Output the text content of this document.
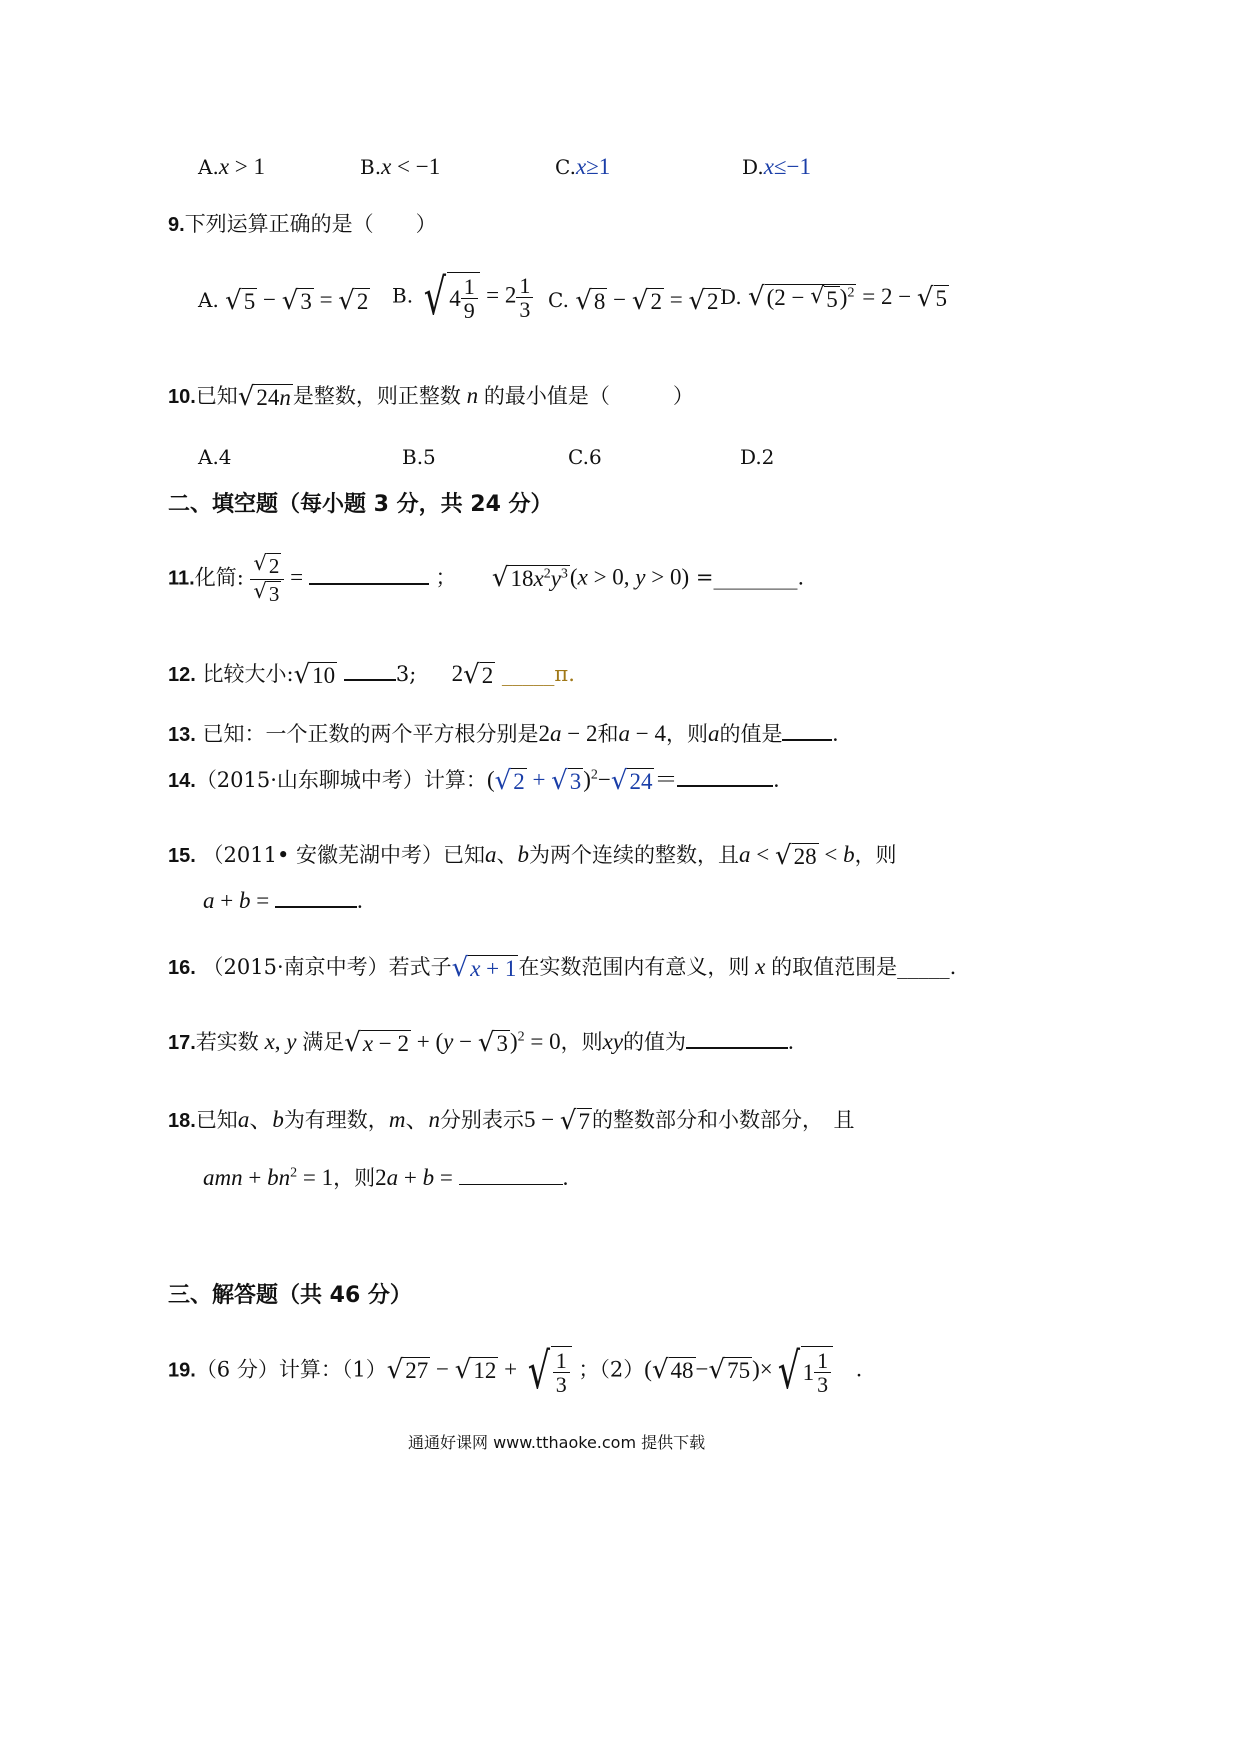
A.x > 1	B.x < −1	C.x≥1	D.x≤−1
9.下列运算正确的是（　　）
A. √ 5 − √ 3 = √ 2 B. √ $4 \frac{1}{9} = 2 \frac{1}{3} C$. √ 8 − √ 2 = √ 2 D. √ (2 − √ 5 )$^2$ = 2 − √ 5
10.已知 √ 24n 是整数，则正整数 n 的最小值是（　　　）
A.4	B.5	C.6	D.2
二、填空题（每小题 3 分，共 24 分）
11.化简: $\frac{√ 2}{√ 3}$ =	； √ $18x^2y^3$ (x > 0, y > 0) =________.
12. 比较大小: √ 10	3; 2 √ 2 _____π.
13. 已知：一个正数的两个平方根分别是2a − 2和a − 4，则a的值是 .
14.（2015·山东聊城中考）计算：( √ 2 + √ 3 )$^2$− √ 24 ＝	.
15. （2011• 安徽芜湖中考）已知a、b为两个连续的整数，且a < √ 28 < b，则
a + b =	.
16. （2015·南京中考）若式子 √ x + 1 在实数范围内有意义，则 x 的取值范围是_____.
17.若实数 x, y 满足 √ x − 2 + (y − √ 3 )$^2$ = 0，则xy的值为	.
18.已知a、b为有理数，m、n分别表示5 − √ 7 的整数部分和小数部分，　且
amn + $bn^2 = 1$，则2a + b =	.
三、解答题（共 46 分）
19.（6 分）计算：（1） √ 27 − √ 12 + √ $\frac{1}{3}$ ；（2）( √ 48 − √ 75 )× √ $1 \frac{1}{3}$ 　.
通通好课网 www.tthaoke.com 提供下载
